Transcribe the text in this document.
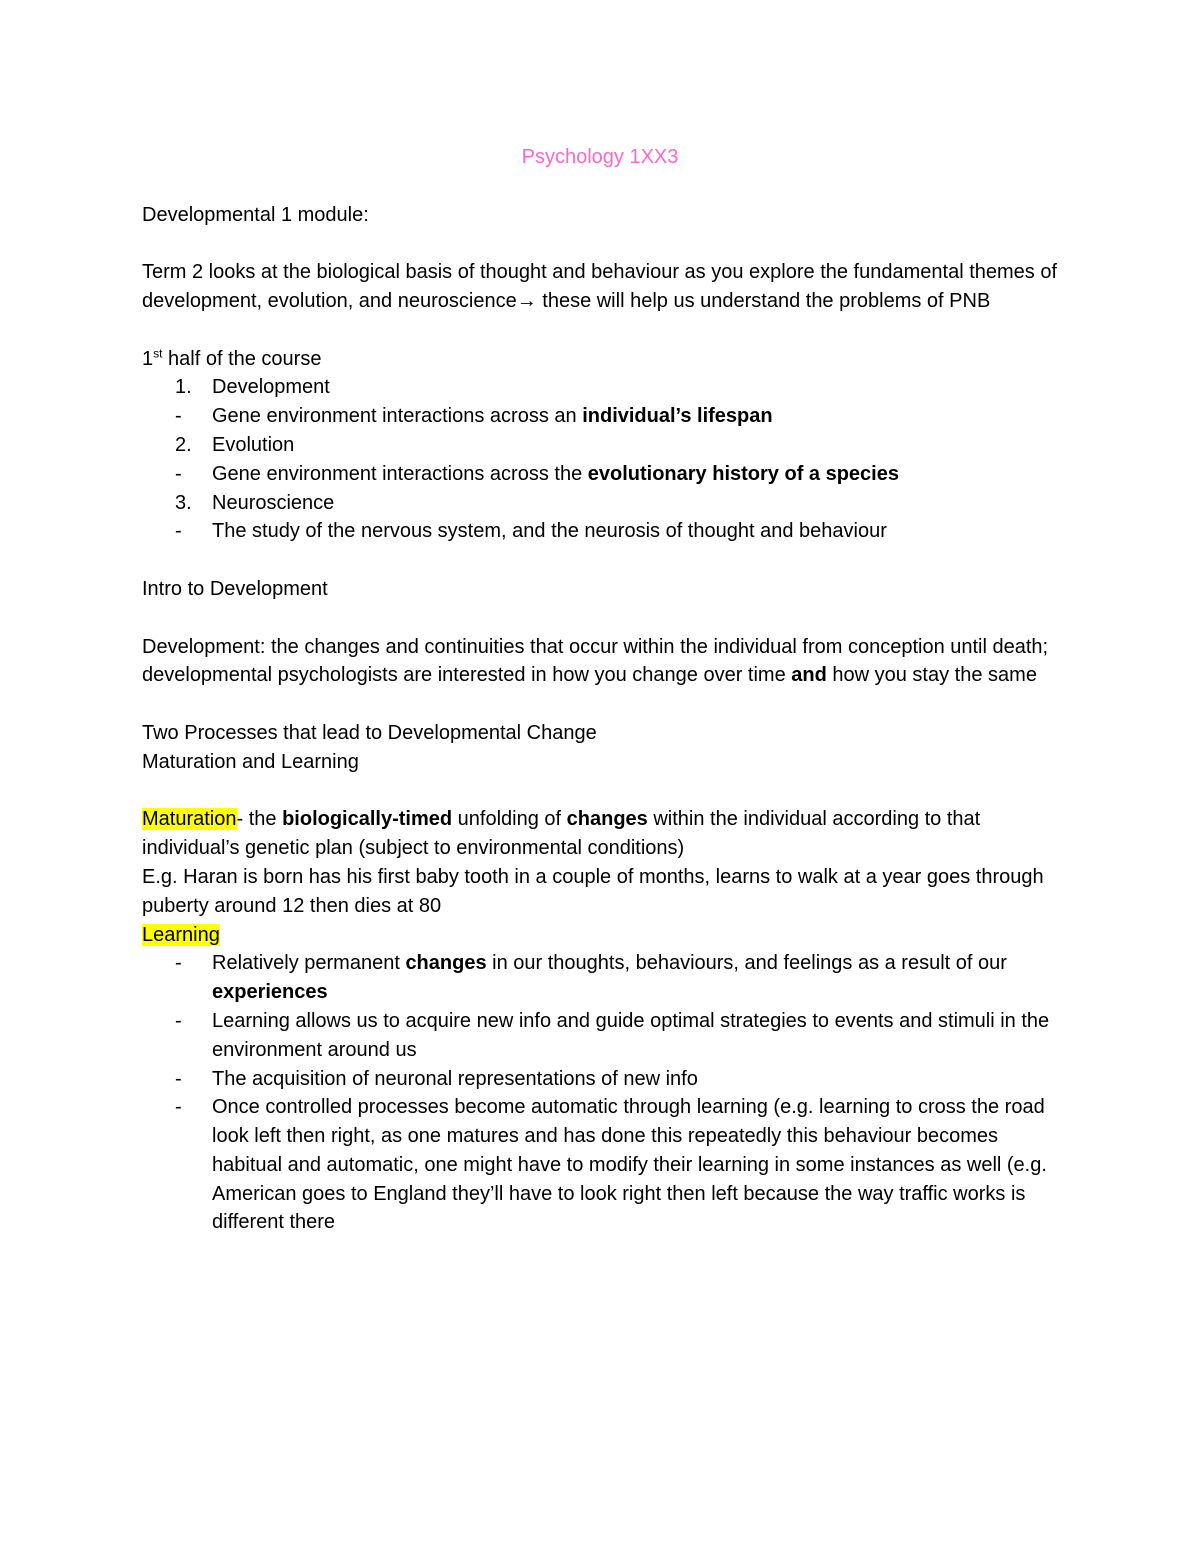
Psychology 1XX3

Developmental 1 module:

Term 2 looks at the biological basis of thought and behaviour as you explore the fundamental themes of development, evolution, and neuroscience→ these will help us understand the problems of PNB

1st half of the course

1. Development
- Gene environment interactions across an individual’s lifespan
2. Evolution
- Gene environment interactions across the evolutionary history of a species
3. Neuroscience
- The study of the nervous system, and the neurosis of thought and behaviour

Intro to Development

Development: the changes and continuities that occur within the individual from conception until death; developmental psychologists are interested in how you change over time and how you stay the same

Two Processes that lead to Developmental Change

Maturation and Learning

Maturation- the biologically-timed unfolding of changes within the individual according to that individual’s genetic plan (subject to environmental conditions)

E.g. Haran is born has his first baby tooth in a couple of months, learns to walk at a year goes through puberty around 12 then dies at 80

Learning

- Relatively permanent changes in our thoughts, behaviours, and feelings as a result of our experiences
- Learning allows us to acquire new info and guide optimal strategies to events and stimuli in the environment around us
- The acquisition of neuronal representations of new info
- Once controlled processes become automatic through learning (e.g. learning to cross the road look left then right, as one matures and has done this repeatedly this behaviour becomes habitual and automatic, one might have to modify their learning in some instances as well (e.g. American goes to England they’ll have to look right then left because the way traffic works is different there
